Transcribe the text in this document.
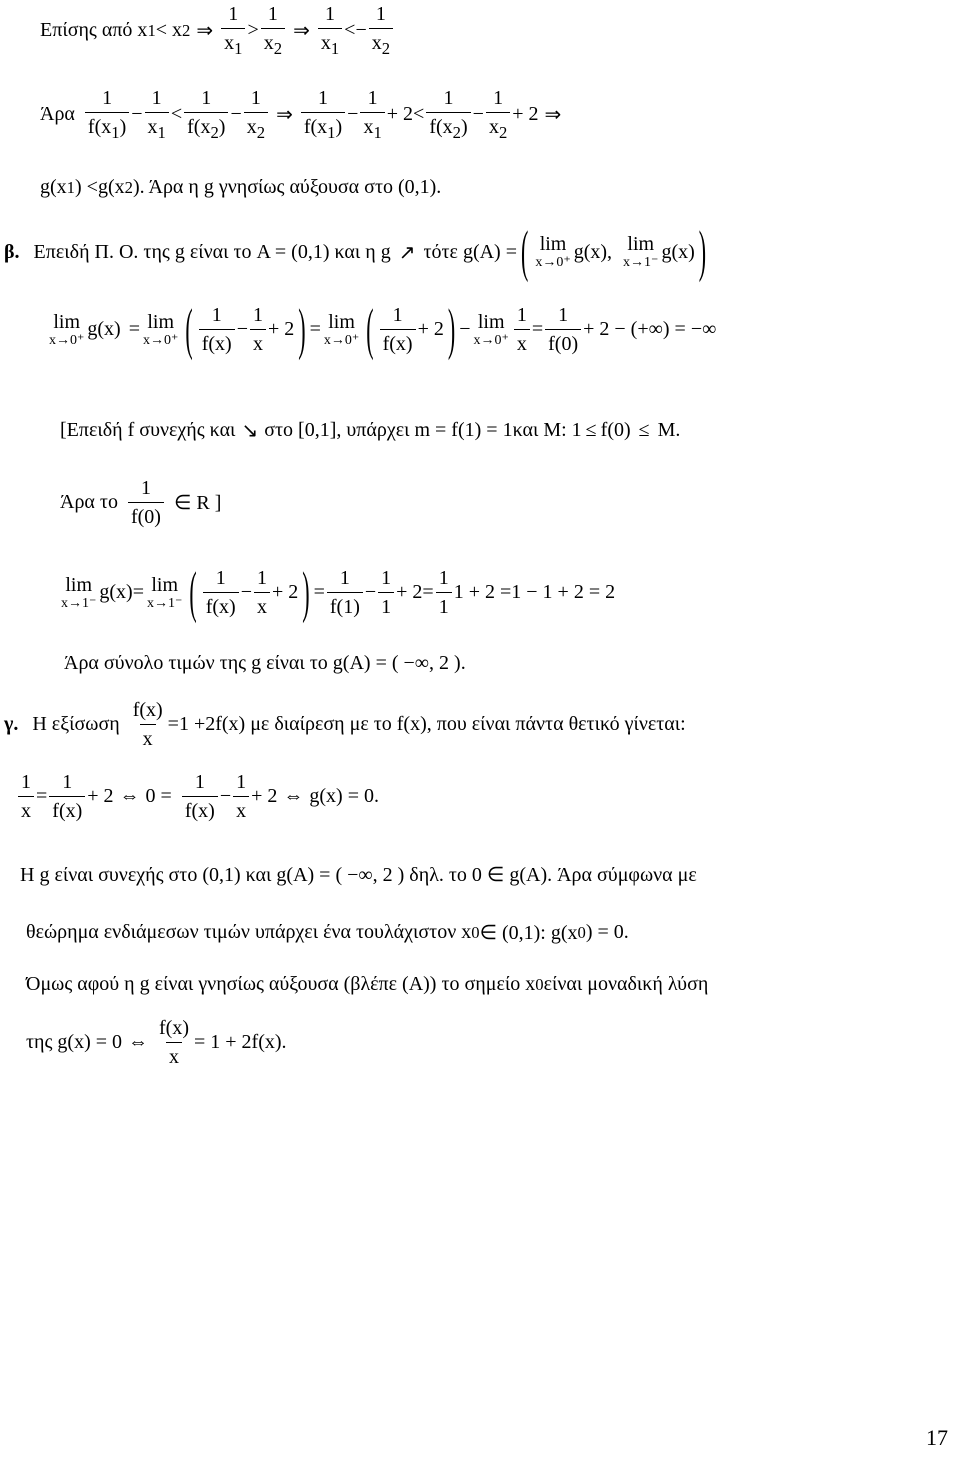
Επίσης από x 1 < x 2 ⇒
1
$x_1$
>
1
$x_2$
⇒
1
$x_1$
< − $\frac{1}{x_2}$
Άρα
1
$f(x_1)$
− $\frac{1}{x_1}$ <
1
$f(x_2)$
− $\frac{1}{x_2}$ ⇒
1
$f(x_1)$
− $\frac{1}{x_1} + 2$ <
1
$f(x_2)$
− $\frac{1}{x_2} + 2$ ⇒
g(x 1 ) <g(x 2 ). Άρα η g γνησίως αύξουσα στο (0,1).
β. Επειδή Π. Ο. της g είναι το A = (0,1) και η g ↗ τότε g(A) = ( lim
x→0⁺ g(x), lim
x→1⁻ g(x) )
lim
x→0⁺ g(x) = lim
x→0⁺ ( 1
f(x)
− $\frac{1}{x} + 2$ ) = lim
x→0⁺ ( 1
f(x)
+ 2 ) − lim
$x\to 0^+ \frac{1}{x} = \frac{1}{f(0)} + 2$ − (+∞) = −∞
[Επειδή f συνεχής και ↘ στο [0,1], υπάρχει m = f(1) = 1και Μ: 1 ≤ f(0) ≤ Μ.
Άρα το
1
f(0)
∈ R ]
lim
x→1⁻ g(x) = lim
x→1⁻ ( 1
f(x)
− $\frac{1}{x} + 2$ ) = $\frac{1}{f(1)} - \frac{1}{1} + 2 = \frac{1}{1} 1 + 2 =1 - 1 + 2 = 2$
Άρα σύνολο τιμών της g είναι το g(A) = ( −∞, 2 ).
γ. Η εξίσωση $\frac{f(x)}{x} =1 +2f(x)$ με διαίρεση με το f(x), που είναι πάντα θετικό γίνεται:
$\frac{1}{x} = \frac{1}{f(x)} + 2$ ⇔ 0 =
1
f(x)
− $\frac{1}{x} + 2$ ⇔ g(x) = 0.
Η g είναι συνεχής στο (0,1) και g(A) = ( −∞, 2 ) δηλ. το 0 ∈ g(A). Άρα σύμφωνα με
θεώρημα ενδιάμεσων τιμών υπάρχει ένα τουλάχιστον x 0 ∈ (0,1): g(x 0 ) = 0.
Όμως αφού η g είναι γνησίως αύξουσα (βλέπε (Α)) το σημείο x 0 είναι μοναδική λύση
της g(x) = 0 ⇔ $\frac{f(x)}{x} = 1 + 2f(x)$.
17
